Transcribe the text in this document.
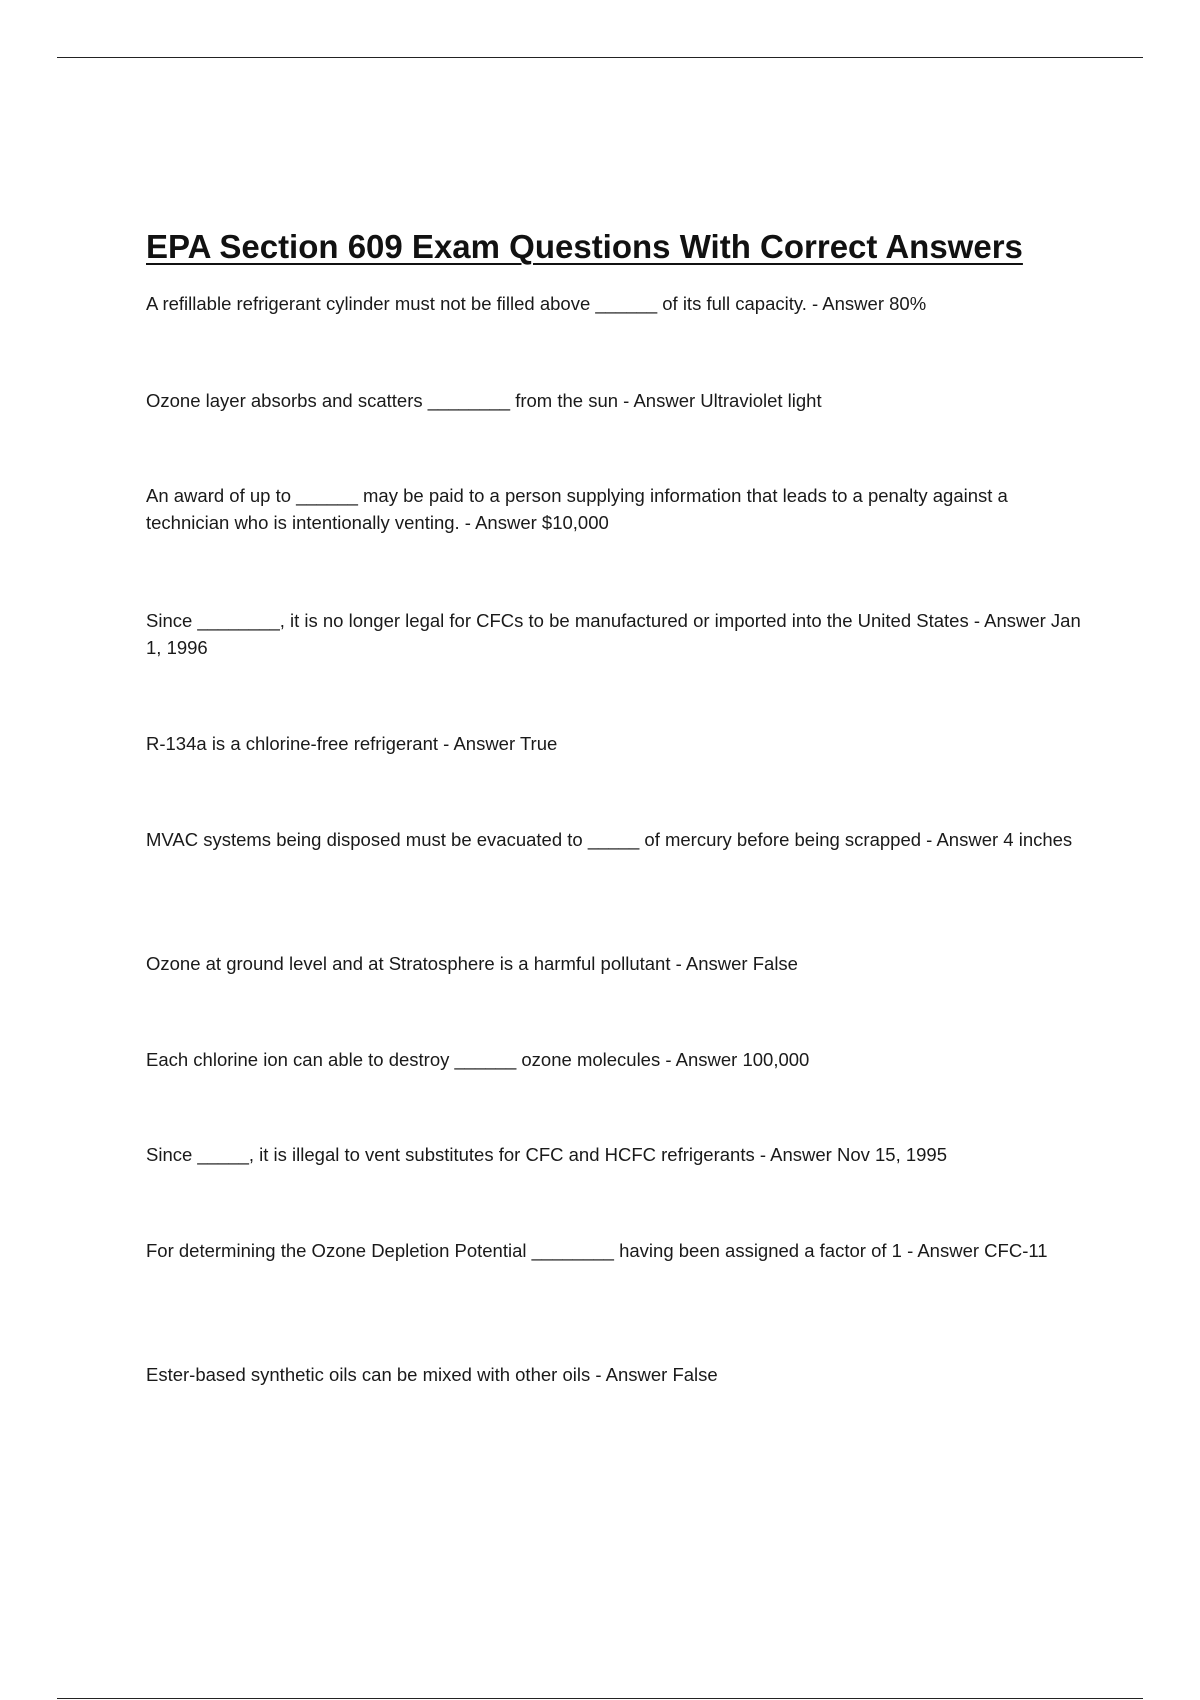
EPA Section 609 Exam Questions With Correct Answers

A refillable refrigerant cylinder must not be filled above ______ of its full capacity. - Answer 80%

Ozone layer absorbs and scatters ________ from the sun - Answer Ultraviolet light

An award of up to ______ may be paid to a person supplying information that leads to a penalty against a technician who is intentionally venting. - Answer $10,000

Since ________, it is no longer legal for CFCs to be manufactured or imported into the United States - Answer Jan 1, 1996

R-134a is a chlorine-free refrigerant - Answer True

MVAC systems being disposed must be evacuated to _____ of mercury before being scrapped - Answer 4 inches

Ozone at ground level and at Stratosphere is a harmful pollutant - Answer False

Each chlorine ion can able to destroy ______ ozone molecules - Answer 100,000

Since _____, it is illegal to vent substitutes for CFC and HCFC refrigerants - Answer Nov 15, 1995

For determining the Ozone Depletion Potential ________ having been assigned a factor of 1 - Answer CFC-11

Ester-based synthetic oils can be mixed with other oils - Answer False
